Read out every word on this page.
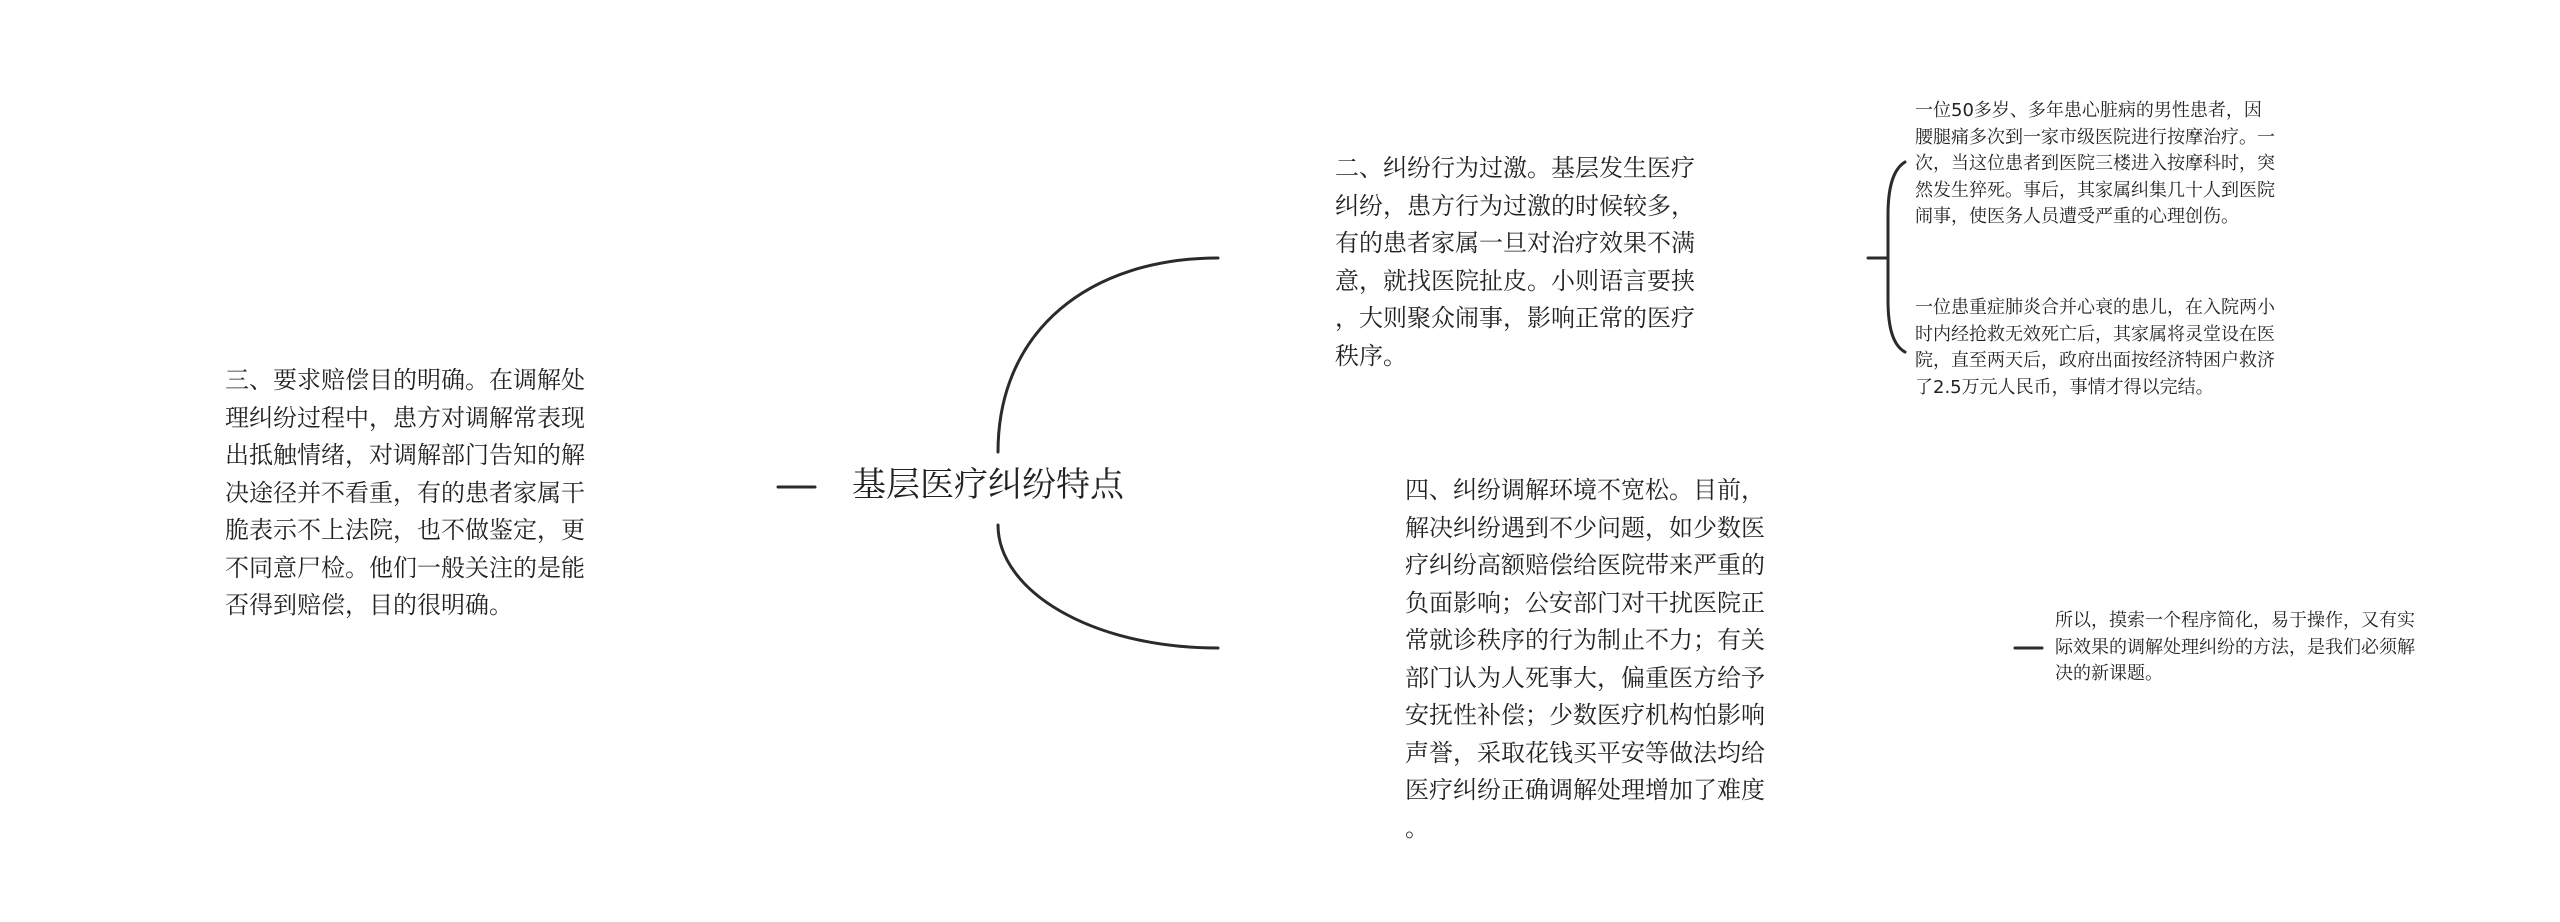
基层医疗纠纷特点
三、要求赔偿目的明确。在调解处
理纠纷过程中，患方对调解常表现
出抵触情绪，对调解部门告知的解
决途径并不看重，有的患者家属干
脆表示不上法院，也不做鉴定，更
不同意尸检。他们一般关注的是能
否得到赔偿，目的很明确。
二、纠纷行为过激。基层发生医疗
纠纷，患方行为过激的时候较多，
有的患者家属一旦对治疗效果不满
意，就找医院扯皮。小则语言要挟
，大则聚众闹事，影响正常的医疗
秩序。
四、纠纷调解环境不宽松。目前，
解决纠纷遇到不少问题，如少数医
疗纠纷高额赔偿给医院带来严重的
负面影响；公安部门对干扰医院正
常就诊秩序的行为制止不力；有关
部门认为人死事大，偏重医方给予
安抚性补偿；少数医疗机构怕影响
声誉，采取花钱买平安等做法均给
医疗纠纷正确调解处理增加了难度
。
一位50多岁、多年患心脏病的男性患者，因
腰腿痛多次到一家市级医院进行按摩治疗。一
次，当这位患者到医院三楼进入按摩科时，突
然发生猝死。事后，其家属纠集几十人到医院
闹事，使医务人员遭受严重的心理创伤。
一位患重症肺炎合并心衰的患儿，在入院两小
时内经抢救无效死亡后，其家属将灵堂设在医
院，直至两天后，政府出面按经济特困户救济
了2.5万元人民币，事情才得以完结。
所以，摸索一个程序简化，易于操作，又有实
际效果的调解处理纠纷的方法，是我们必须解
决的新课题。
